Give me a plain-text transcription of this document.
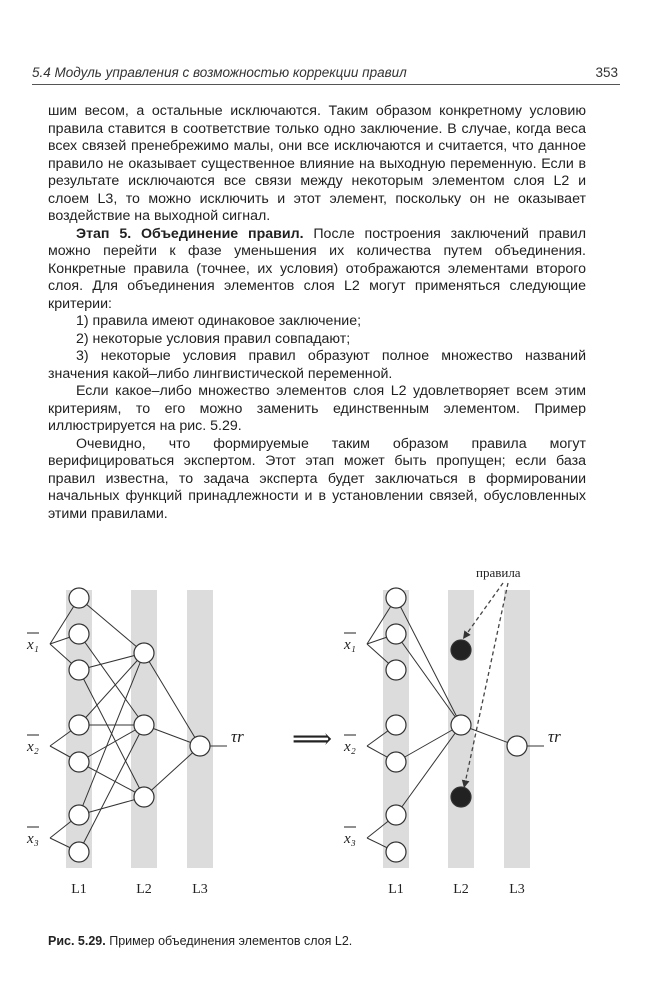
5.4 Модуль управления с возможностью коррекции правил	353

шим весом, а остальные исключаются. Таким образом конкретному условию правила ставится в соответствие только одно заключение. В случае, когда веса всех связей пренебрежимо малы, они все исключаются и считается, что данное правило не оказывает существенное влияние на выходную переменную. Если в результате исключаются все связи между некоторым элементом слоя L2 и слоем L3, то можно исключить и этот элемент, поскольку он не оказывает воздействие на выходной сигнал.

Этап 5. Объединение правил. После построения заключений правил можно перейти к фазе уменьшения их количества путем объединения. Конкретные правила (точнее, их условия) отображаются элементами второго слоя. Для объединения элементов слоя L2 могут применяться следующие критерии:

1) правила имеют одинаковое заключение;

2) некоторые условия правил совпадают;

3) некоторые условия правил образуют полное множество названий значения какой–либо лингвистической переменной.

Если какое–либо множество элементов слоя L2 удовлетворяет всем этим критериям, то его можно заменить единственным элементом. Пример иллюстрируется на рис. 5.29.

Очевидно, что формируемые таким образом правила могут верифицироваться экспертом. Этот этап может быть пропущен; если база правил известна, то задача эксперта будет заключаться в формировании начальных функций принадлежности и в установлении связей, обусловленных этими правилами.

x₁
x₂
x₃
τr
L1	L2	L3
x₁
x₂
x₃
τr
L1	L2	L3
⟹
правила
Рис. 5.29. Пример объединения элементов слоя L2.
